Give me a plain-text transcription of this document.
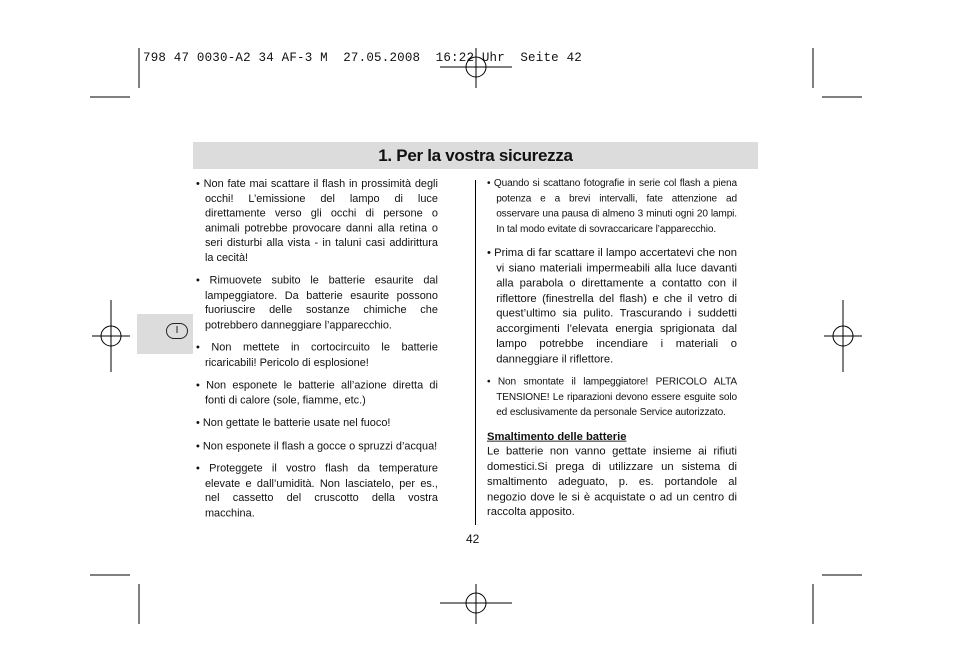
798 47 0030-A2 34 AF-3 M  27.05.2008  16:22 Uhr  Seite 42
1. Per la vostra sicurezza
I

• Non fate mai scattare il flash in prossimità degli occhi! L’emissione del lampo di luce direttamente verso gli occhi di persone o animali potrebbe provocare danni alla retina o seri disturbi alla vista - in taluni casi addirittura la cecità!

• Rimuovete subito le batterie esaurite dal lampeggiatore. Da batterie esaurite possono fuoriuscire delle sostanze chimiche che potrebbero danneggiare l’apparecchio.

• Non mettete in cortocircuito le batterie ricaricabili! Pericolo di esplosione!

• Non esponete le batterie all’azione diretta di fonti di calore (sole, fiamme, etc.)

• Non gettate le batterie usate nel fuoco!

• Non esponete il flash a gocce o spruzzi d’acqua!

• Proteggete il vostro flash da temperature elevate e dall’umidità. Non lasciatelo, per es., nel cassetto del cruscotto della vostra macchina.

• Quando si scattano fotografie in serie col flash a piena potenza e a brevi intervalli, fate attenzione ad osservare una pausa di almeno 3 minuti ogni 20 lampi. In tal modo evitate di sovraccaricare l’apparecchio.

• Prima di far scattare il lampo accertatevi che non vi siano materiali impermeabili alla luce davanti alla parabola o direttamente a contatto con il riflettore (finestrella del flash) e che il vetro di quest’ultimo sia pulito. Trascurando i suddetti accorgimenti l’elevata energia sprigionata dal lampo potrebbe incendiare i materiali o danneggiare il riflettore.

• Non smontate il lampeggiatore! PERICOLO ALTA TENSIONE! Le riparazioni devono essere esguite solo ed esclusivamente da personale Service autorizzato.

Smaltimento delle batterie

Le batterie non vanno gettate insieme ai rifiuti domestici.Si prega di utilizzare un sistema di smaltimento adeguato, p. es. portandole al negozio dove le si è acquistate o ad un centro di raccolta apposito.

42
